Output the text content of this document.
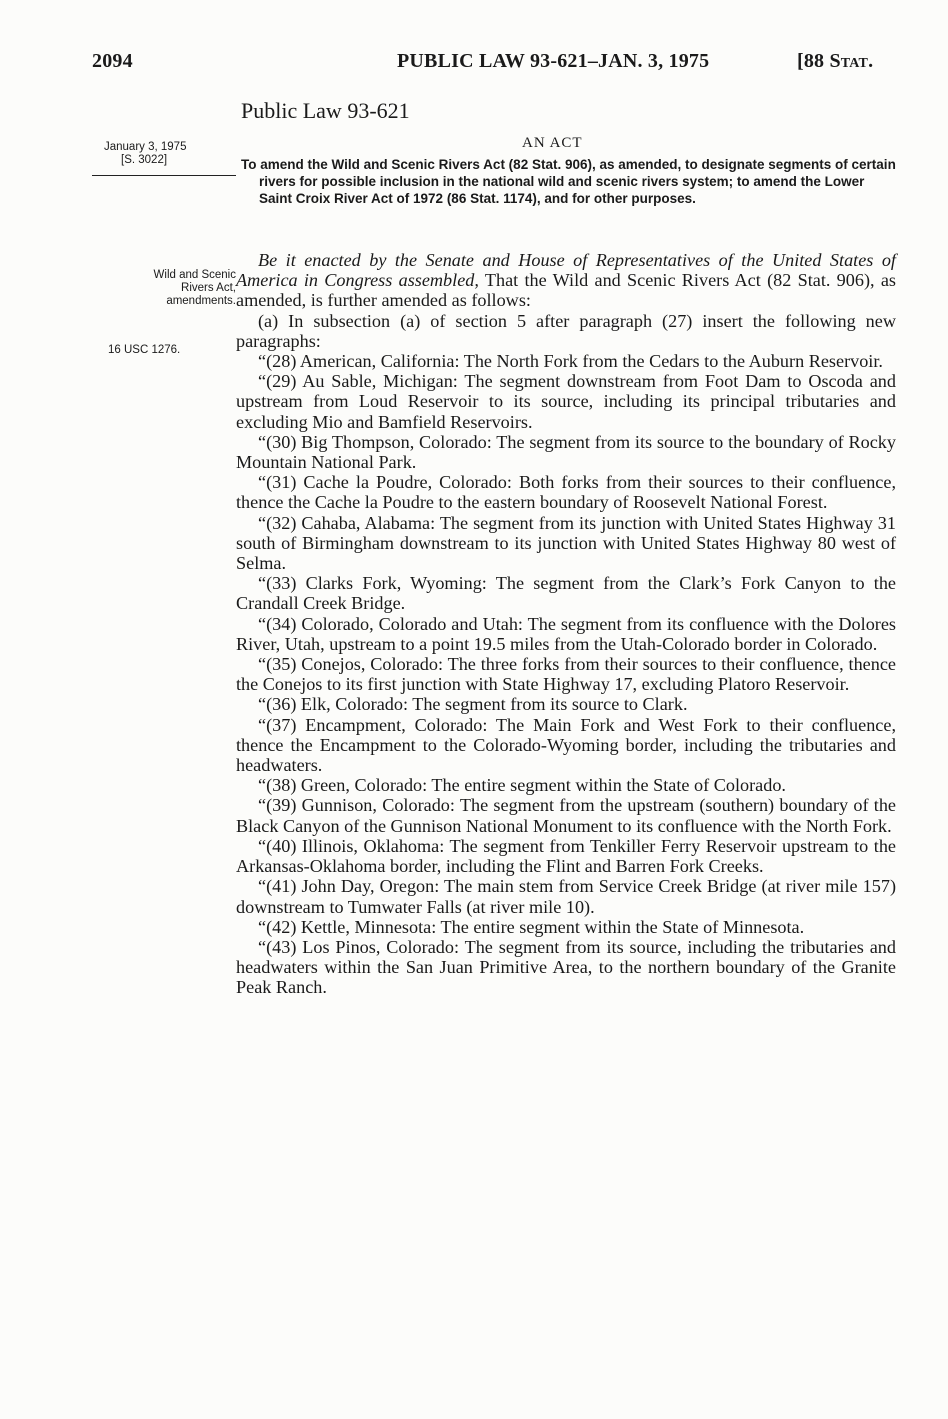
2094	PUBLIC LAW 93-621–JAN. 3, 1975	[88 Stat.
Public Law 93-621
AN ACT
January 3, 1975
[S. 3022]	To amend the Wild and Scenic Rivers Act (82 Stat. 906), as amended, to designate segments of certain rivers for possible inclusion in the national wild and scenic rivers system; to amend the Lower Saint Croix River Act of 1972 (86 Stat. 1174), and for other purposes.
Wild and Scenic
Rivers Act,
amendments.
16 USC 1276.

Be it enacted by the Senate and House of Representatives of the United States of America in Congress assembled, That the Wild and Scenic Rivers Act (82 Stat. 906), as amended, is further amended as follows:

(a) In subsection (a) of section 5 after paragraph (27) insert the following new paragraphs:

“(28) American, California: The North Fork from the Cedars to the Auburn Reservoir.

“(29) Au Sable, Michigan: The segment downstream from Foot Dam to Oscoda and upstream from Loud Reservoir to its source, including its principal tributaries and excluding Mio and Bamfield Reservoirs.

“(30) Big Thompson, Colorado: The segment from its source to the boundary of Rocky Mountain National Park.

“(31) Cache la Poudre, Colorado: Both forks from their sources to their confluence, thence the Cache la Poudre to the eastern boundary of Roosevelt National Forest.

“(32) Cahaba, Alabama: The segment from its junction with United States Highway 31 south of Birmingham downstream to its junction with United States Highway 80 west of Selma.

“(33) Clarks Fork, Wyoming: The segment from the Clark’s Fork Canyon to the Crandall Creek Bridge.

“(34) Colorado, Colorado and Utah: The segment from its confluence with the Dolores River, Utah, upstream to a point 19.5 miles from the Utah-Colorado border in Colorado.

“(35) Conejos, Colorado: The three forks from their sources to their confluence, thence the Conejos to its first junction with State Highway 17, excluding Platoro Reservoir.

“(36) Elk, Colorado: The segment from its source to Clark.

“(37) Encampment, Colorado: The Main Fork and West Fork to their confluence, thence the Encampment to the Colorado-Wyoming border, including the tributaries and headwaters.

“(38) Green, Colorado: The entire segment within the State of Colorado.

“(39) Gunnison, Colorado: The segment from the upstream (southern) boundary of the Black Canyon of the Gunnison National Monument to its confluence with the North Fork.

“(40) Illinois, Oklahoma: The segment from Tenkiller Ferry Reservoir upstream to the Arkansas-Oklahoma border, including the Flint and Barren Fork Creeks.

“(41) John Day, Oregon: The main stem from Service Creek Bridge (at river mile 157) downstream to Tumwater Falls (at river mile 10).

“(42) Kettle, Minnesota: The entire segment within the State of Minnesota.

“(43) Los Pinos, Colorado: The segment from its source, including the tributaries and headwaters within the San Juan Primitive Area, to the northern boundary of the Granite Peak Ranch.
